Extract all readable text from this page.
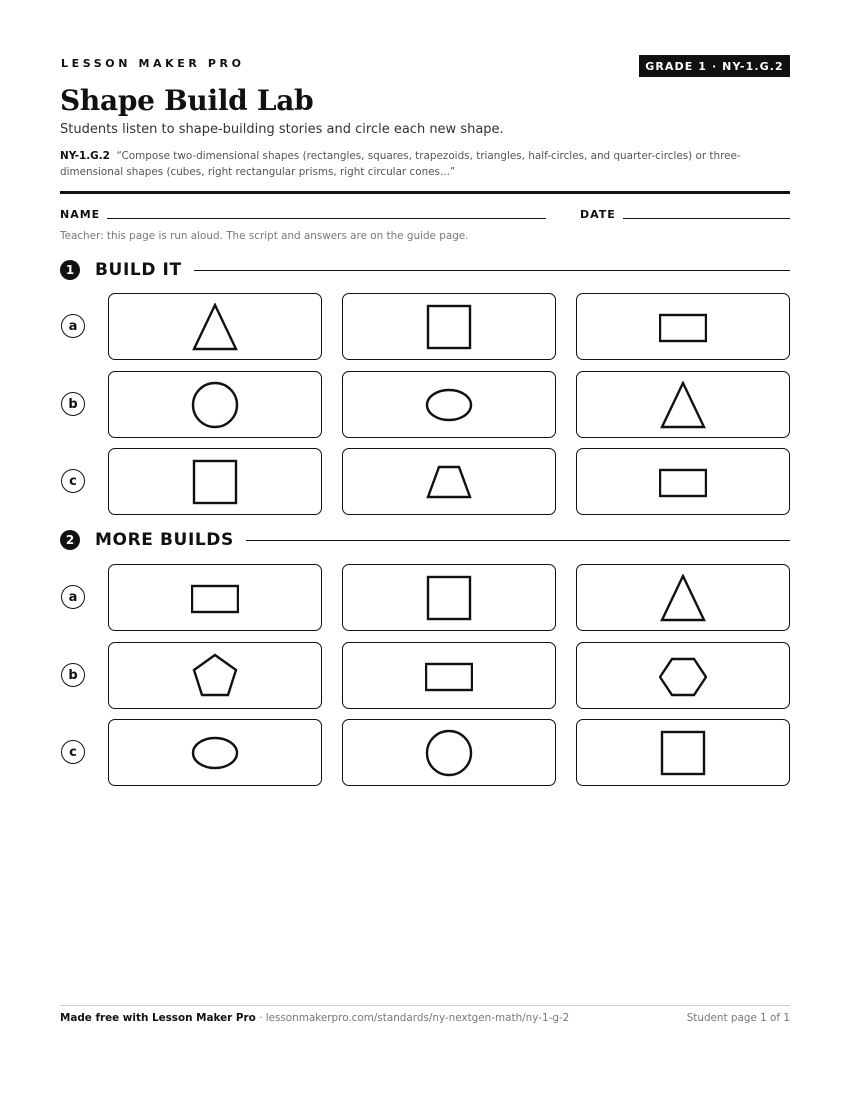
LESSON MAKER PRO	GRADE 1 · NY-1.G.2
Shape Build Lab
Students listen to shape-building stories and circle each new shape.
NY-1.G.2 “Compose two-dimensional shapes (rectangles, squares, trapezoids, triangles, half-circles, and quarter-circles) or three-dimensional shapes (cubes, right rectangular prisms, right circular cones...”
NAME	DATE
Teacher: this page is run aloud. The script and answers are on the guide page.
1	BUILD IT
a
b
c
2	MORE BUILDS
a
b
c
Made free with Lesson Maker Pro · lessonmakerpro.com/standards/ny-nextgen-math/ny-1-g-2	Student page 1 of 1
